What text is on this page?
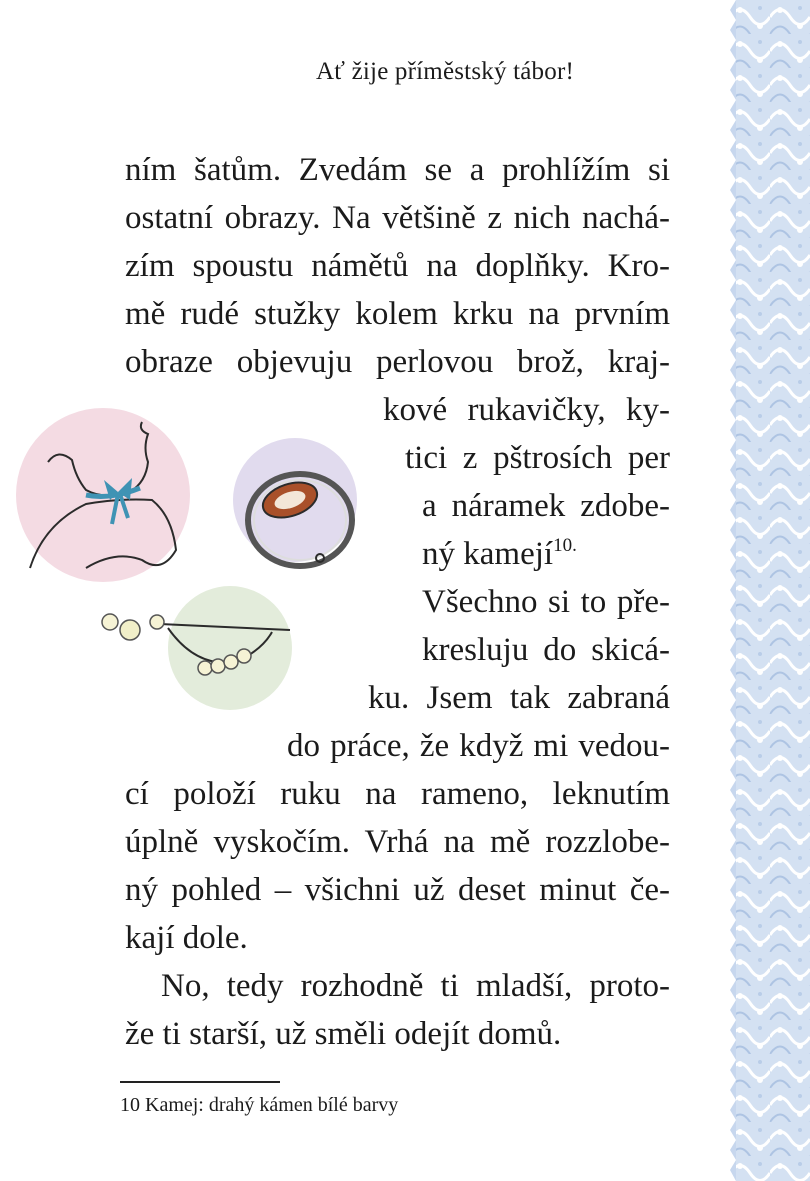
Ať žije příměstský tábor!
ním šatům. Zvedám se a prohlížím si
ostatní obrazy. Na většině z nich nachá-
zím spoustu námětů na doplňky. Kro-
mě rudé stužky kolem krku na prvním
obraze objevuju perlovou brož, kraj-
kové rukavičky, ky-
tici z pštrosích per
a náramek zdobe-
ný kamejí$^{10.}$
Všechno si to pře-
kresluju do skicá-
ku. Jsem tak zabraná
do práce, že když mi vedou-
cí položí ruku na rameno, leknutím
úplně vyskočím. Vrhá na mě rozzlobe-
ný pohled – všichni už deset minut če-
kají dole.
No, tedy rozhodně ti mladší, proto-
že ti starší, už směli odejít domů.
10 Kamej: drahý kámen bílé barvy
